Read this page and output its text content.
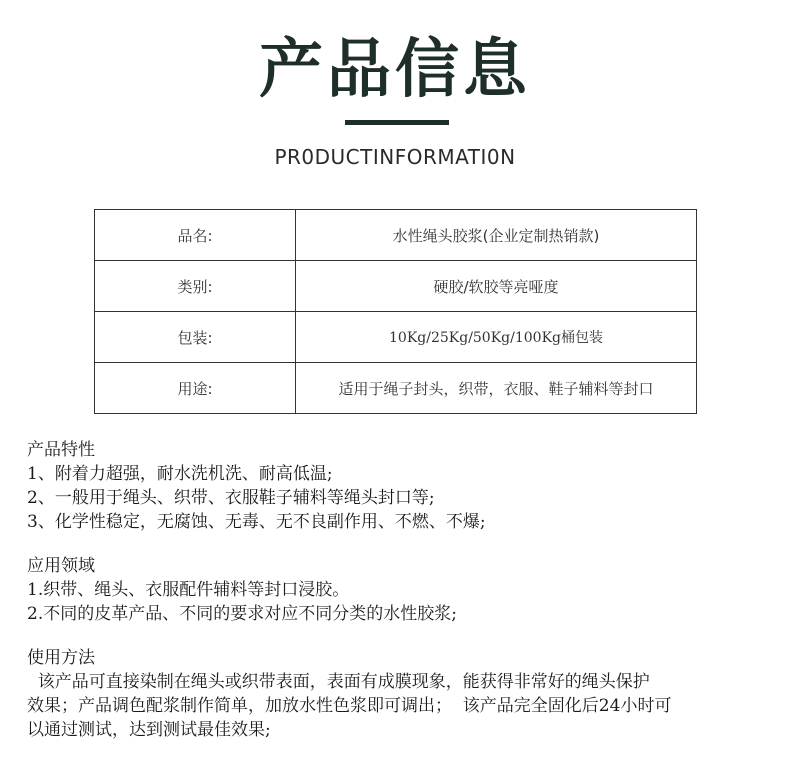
产品信息
PR0DUCTINFORMATI0N
品名:	水性绳头胶浆(企业定制热销款)
类别:	硬胶/软胶等亮哑度
包装:	10Kg/25Kg/50Kg/100Kg桶包装
用途:	适用于绳子封头，织带，衣服、鞋子辅料等封口
产品特性
1、附着力超强，耐水洗机洗、耐高低温;
2、一般用于绳头、织带、衣服鞋子辅料等绳头封口等;
3、化学性稳定，无腐蚀、无毒、无不良副作用、不燃、不爆;
应用领域
1.织带、绳头、衣服配件辅料等封口浸胶。
2.不同的皮革产品、不同的要求对应不同分类的水性胶浆;
使用方法
该产品可直接染制在绳头或织带表面，表面有成膜现象，能获得非常好的绳头保护
效果；产品调色配浆制作简单，加放水性色浆即可调出；  该产品完全固化后24小时可
以通过测试，达到测试最佳效果;
